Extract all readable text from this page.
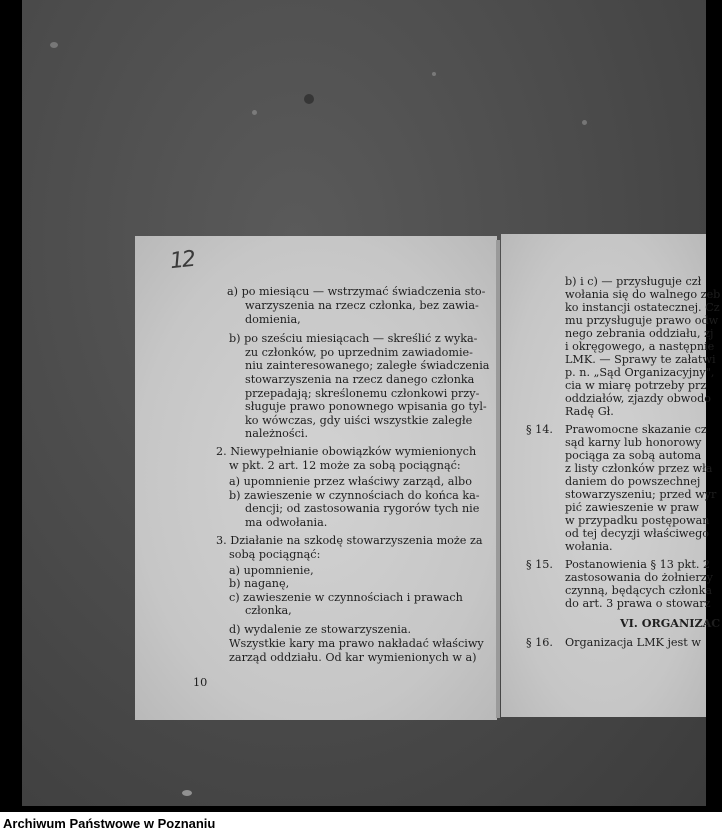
12
a) po miesiącu — wstrzymać świadczenia sto-
warzyszenia na rzecz członka, bez zawia-
domienia,
b) po sześciu miesiącach — skreślić z wyka-
zu członków, po uprzednim zawiadomie-
niu zainteresowanego; zaległe świadczenia
stowarzyszenia na rzecz danego członka
przepadają; skreślonemu członkowi przy-
sługuje prawo ponownego wpisania go tyl-
ko wówczas, gdy uiści wszystkie zaległe
należności.
2. Niewypełnianie obowiązków wymienionych
w pkt. 2 art. 12 może za sobą pociągnąć:
a) upomnienie przez właściwy zarząd, albo
b) zawieszenie w czynnościach do końca ka-
dencji; od zastosowania rygorów tych nie
ma odwołania.
3. Działanie na szkodę stowarzyszenia może za
sobą pociągnąć:
a) upomnienie,
b) naganę,
c) zawieszenie w czynnościach i prawach
członka,
d) wydalenie ze stowarzyszenia.
Wszystkie kary ma prawo nakładać właściwy
zarząd oddziału. Od kar wymienionych w a)
10
b) i c) — przysługuje czł
wołania się do walnego zeb
ko instancji ostatecznej. Cz
mu przysługuje prawo odw
nego zebrania oddziału, zj
i okręgowego, a następnie
LMK. — Sprawy te załatwi
p. n. „Sąd Organizacyjny",
cia w miarę potrzeby prz
oddziałów, zjazdy obwodo
Radę Gł.
§ 14. Prawomocne skazanie cz
sąd karny lub honorowy
pociąga za sobą automa
z listy członków przez wła
daniem do powszechnej
stowarzyszeniu; przed wyr
pić zawieszenie w praw
w przypadku postępowan
od tej decyzji właściwego
wołania.
§ 15. Postanowienia § 13 pkt. 2
zastosowania do żołnierzy
czynną, będących członka
do art. 3 prawa o stowarz
VI. ORGANIZAC
§ 16. Organizacja LMK jest w
Archiwum Państwowe w Poznaniu
